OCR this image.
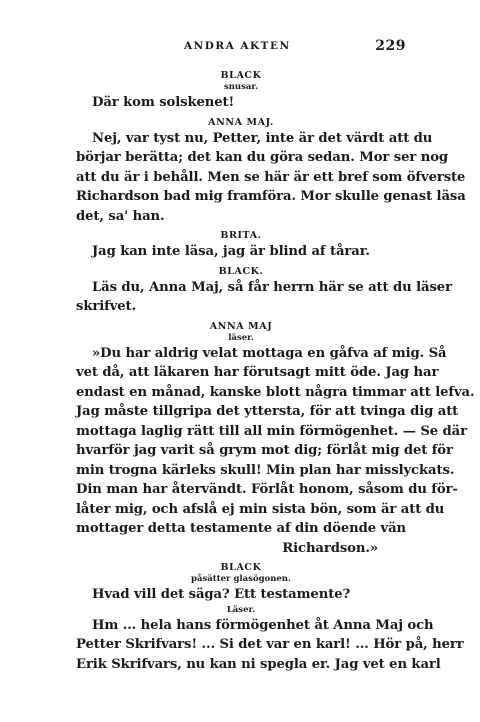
ANDRA AKTEN	229
BLACK
snusar.
Där kom solskenet!
ANNA MAJ.
Nej, var tyst nu, Petter, inte är det värdt att du
börjar berätta; det kan du göra sedan. Mor ser nog
att du är i behåll. Men se här är ett bref som öfverste
Richardson bad mig framföra. Mor skulle genast läsa
det, sa' han.
BRITA.
Jag kan inte läsa, jag är blind af tårar.
BLACK.
Läs du, Anna Maj, så får herrn här se att du läser
skrifvet.
ANNA MAJ
läser.
»Du har aldrig velat mottaga en gåfva af mig. Så
vet då, att läkaren har förutsagt mitt öde. Jag har
endast en månad, kanske blott några timmar att lefva.
Jag måste tillgripa det yttersta, för att tvinga dig att
mottaga laglig rätt till all min förmögenhet. — Se där
hvarför jag varit så grym mot dig; förlåt mig det för
min trogna kärleks skull! Min plan har misslyckats.
Din man har återvändt. Förlåt honom, såsom du för-
låter mig, och afslå ej min sista bön, som är att du
mottager detta testamente af din döende vän
Richardson.»
BLACK
påsätter glasögonen.
Hvad vill det säga? Ett testamente?
Läser.
Hm ... hela hans förmögenhet åt Anna Maj och
Petter Skrifvars! ... Si det var en karl! ... Hör på, herr
Erik Skrifvars, nu kan ni spegla er. Jag vet en karl
